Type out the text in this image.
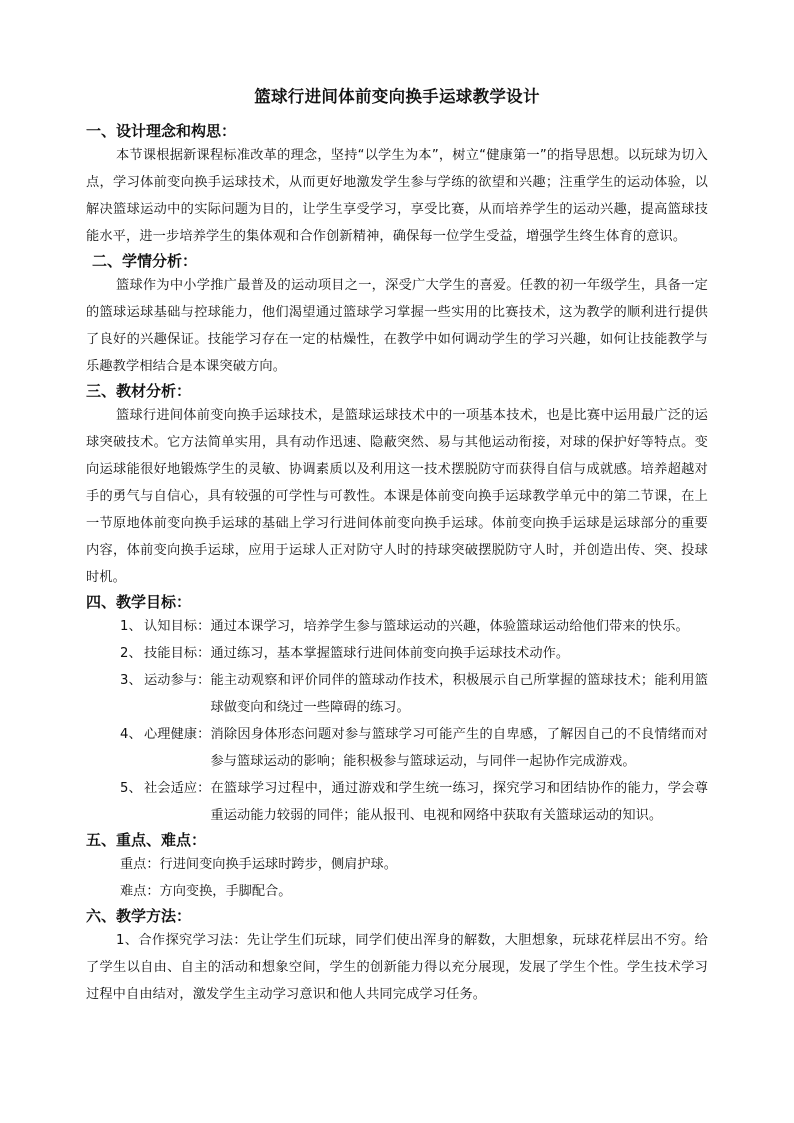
篮球行进间体前变向换手运球教学设计
一、设计理念和构思：

本节课根据新课程标准改革的理念，坚持“以学生为本”，树立“健康第一”的指导思想。以玩球为切入点，学习体前变向换手运球技术，从而更好地激发学生参与学练的欲望和兴趣；注重学生的运动体验，以解决篮球运动中的实际问题为目的，让学生享受学习，享受比赛，从而培养学生的运动兴趣，提高篮球技能水平，进一步培养学生的集体观和合作创新精神，确保每一位学生受益，增强学生终生体育的意识。

二、学情分析：

篮球作为中小学推广最普及的运动项目之一，深受广大学生的喜爱。任教的初一年级学生，具备一定的篮球运球基础与控球能力，他们渴望通过篮球学习掌握一些实用的比赛技术，这为教学的顺利进行提供了良好的兴趣保证。技能学习存在一定的枯燥性，在教学中如何调动学生的学习兴趣，如何让技能教学与乐趣教学相结合是本课突破方向。

三、教材分析：

篮球行进间体前变向换手运球技术，是篮球运球技术中的一项基本技术，也是比赛中运用最广泛的运球突破技术。它方法简单实用，具有动作迅速、隐蔽突然、易与其他运动衔接，对球的保护好等特点。变向运球能很好地锻炼学生的灵敏、协调素质以及利用这一技术摆脱防守而获得自信与成就感。培养超越对手的勇气与自信心，具有较强的可学性与可教性。本课是体前变向换手运球教学单元中的第二节课，在上一节原地体前变向换手运球的基础上学习行进间体前变向换手运球。体前变向换手运球是运球部分的重要内容，体前变向换手运球，应用于运球人正对防守人时的持球突破摆脱防守人时，并创造出传、突、投球时机。

四、教学目标：
1、 认知目标： 通过本课学习，培养学生参与篮球运动的兴趣，体验篮球运动给他们带来的快乐。
2、 技能目标： 通过练习，基本掌握篮球行进间体前变向换手运球技术动作。
3、 运动参与： 能主动观察和评价同伴的篮球动作技术，积极展示自己所掌握的篮球技术；能利用篮球做变向和绕过一些障碍的练习。
4、 心理健康： 消除因身体形态问题对参与篮球学习可能产生的自卑感，了解因自己的不良情绪而对参与篮球运动的影响；能积极参与篮球运动，与同伴一起协作完成游戏。
5、 社会适应： 在篮球学习过程中，通过游戏和学生统一练习，探究学习和团结协作的能力，学会尊重运动能力较弱的同伴；能从报刊、电视和网络中获取有关篮球运动的知识。
五、重点、难点：

重点：行进间变向换手运球时跨步，侧肩护球。

难点：方向变换，手脚配合。

六、教学方法：

1、合作探究学习法：先让学生们玩球，同学们使出浑身的解数，大胆想象，玩球花样层出不穷。给了学生以自由、自主的活动和想象空间，学生的创新能力得以充分展现，发展了学生个性。学生技术学习过程中自由结对，激发学生主动学习意识和他人共同完成学习任务。
